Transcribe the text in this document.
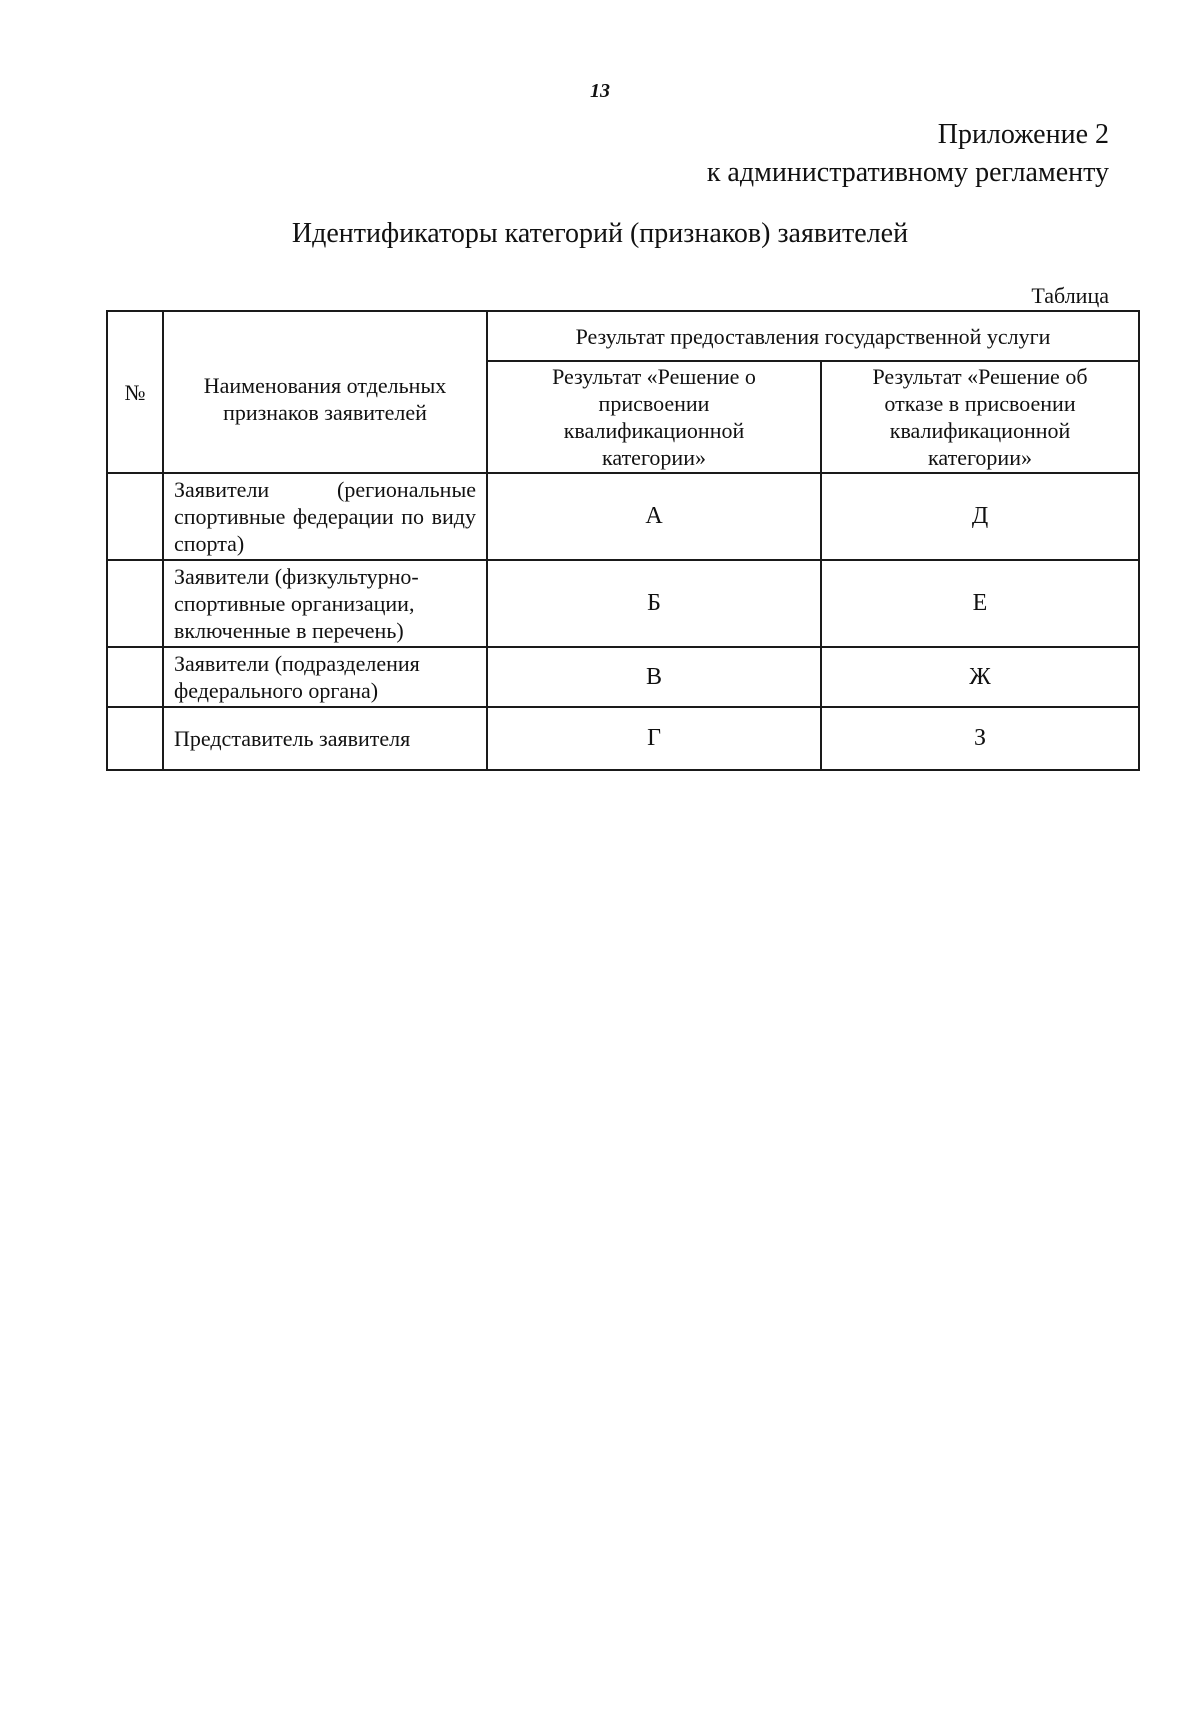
13
Приложение 2
к административному регламенту
Идентификаторы категорий (признаков) заявителей
Таблица
№	Наименования отдельных признаков заявителей	Результат предоставления государственной услуги	
		Результат «Решение о присвоении квалификационной категории»	Результат «Решение об отказе в присвоении квалификационной категории»
	Заявители (региональные спортивные федерации по виду спорта)	А	Д
	Заявители (физкультурно-спортивные организации, включенные в перечень)	Б	Е
	Заявители (подразделения федерального органа)	В	Ж
	Представитель заявителя	Г	З
